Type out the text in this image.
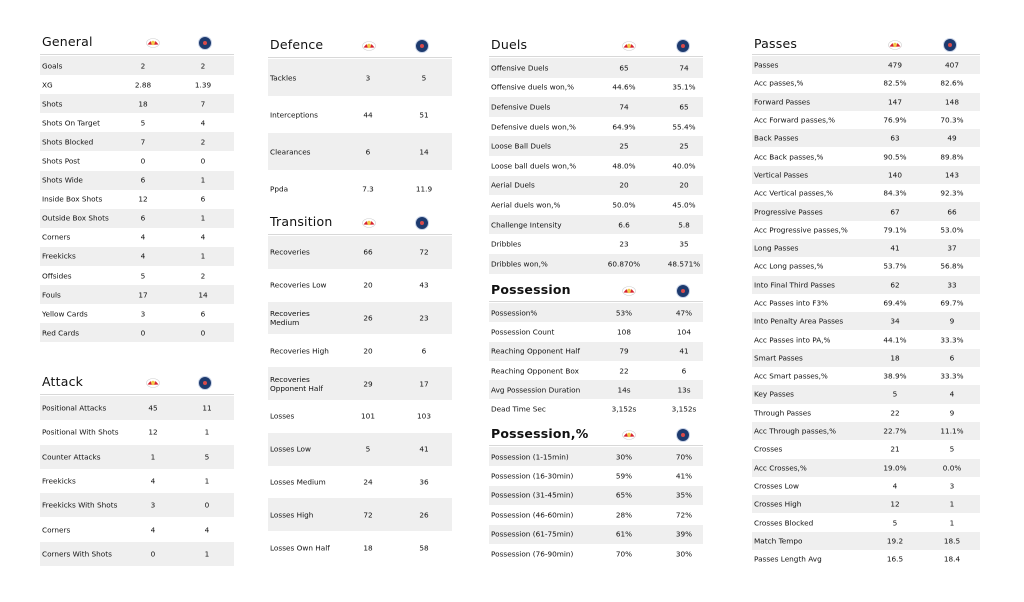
General
Goals	2	2
XG	2.88	1.39
Shots	18	7
Shots On Target	5	4
Shots Blocked	7	2
Shots Post	0	0
Shots Wide	6	1
Inside Box Shots	12	6
Outside Box Shots	6	1
Corners	4	4
Freekicks	4	1
Offsides	5	2
Fouls	17	14
Yellow Cards	3	6
Red Cards	0	0
Attack
Positional Attacks	45	11
Positional With Shots	12	1
Counter Attacks	1	5
Freekicks	4	1
Freekicks With Shots	3	0
Corners	4	4
Corners With Shots	0	1
Defence
Tackles	3	5
Interceptions	44	51
Clearances	6	14
Ppda	7.3	11.9
Transition
Recoveries	66	72
Recoveries Low	20	43
Recoveries Medium	26	23
Recoveries High	20	6
Recoveries Opponent Half	29	17
Losses	101	103
Losses Low	5	41
Losses Medium	24	36
Losses High	72	26
Losses Own Half	18	58
Duels
Offensive Duels	65	74
Offensive duels won,%	44.6%	35.1%
Defensive Duels	74	65
Defensive duels won,%	64.9%	55.4%
Loose Ball Duels	25	25
Loose ball duels won,%	48.0%	40.0%
Aerial Duels	20	20
Aerial duels won,%	50.0%	45.0%
Challenge Intensity	6.6	5.8
Dribbles	23	35
Dribbles won,%	60.870%	48.571%
Possession
Possession%	53%	47%
Possession Count	108	104
Reaching Opponent Half	79	41
Reaching Opponent Box	22	6
Avg Possession Duration	14s	13s
Dead Time Sec	3,152s	3,152s
Possession,%
Possession (1-15min)	30%	70%
Possession (16-30min)	59%	41%
Possession (31-45min)	65%	35%
Possession (46-60min)	28%	72%
Possession (61-75min)	61%	39%
Possession (76-90min)	70%	30%
Passes
Passes	479	407
Acc passes,%	82.5%	82.6%
Forward Passes	147	148
Acc Forward passes,%	76.9%	70.3%
Back Passes	63	49
Acc Back passes,%	90.5%	89.8%
Vertical Passes	140	143
Acc Vertical passes,%	84.3%	92.3%
Progressive Passes	67	66
Acc Progressive passes,%	79.1%	53.0%
Long Passes	41	37
Acc Long passes,%	53.7%	56.8%
Into Final Third Passes	62	33
Acc Passes into F3%	69.4%	69.7%
Into Penalty Area Passes	34	9
Acc Passes into PA,%	44.1%	33.3%
Smart Passes	18	6
Acc Smart passes,%	38.9%	33.3%
Key Passes	5	4
Through Passes	22	9
Acc Through passes,%	22.7%	11.1%
Crosses	21	5
Acc Crosses,%	19.0%	0.0%
Crosses Low	4	3
Crosses High	12	1
Crosses Blocked	5	1
Match Tempo	19.2	18.5
Passes Length Avg	16.5	18.4
